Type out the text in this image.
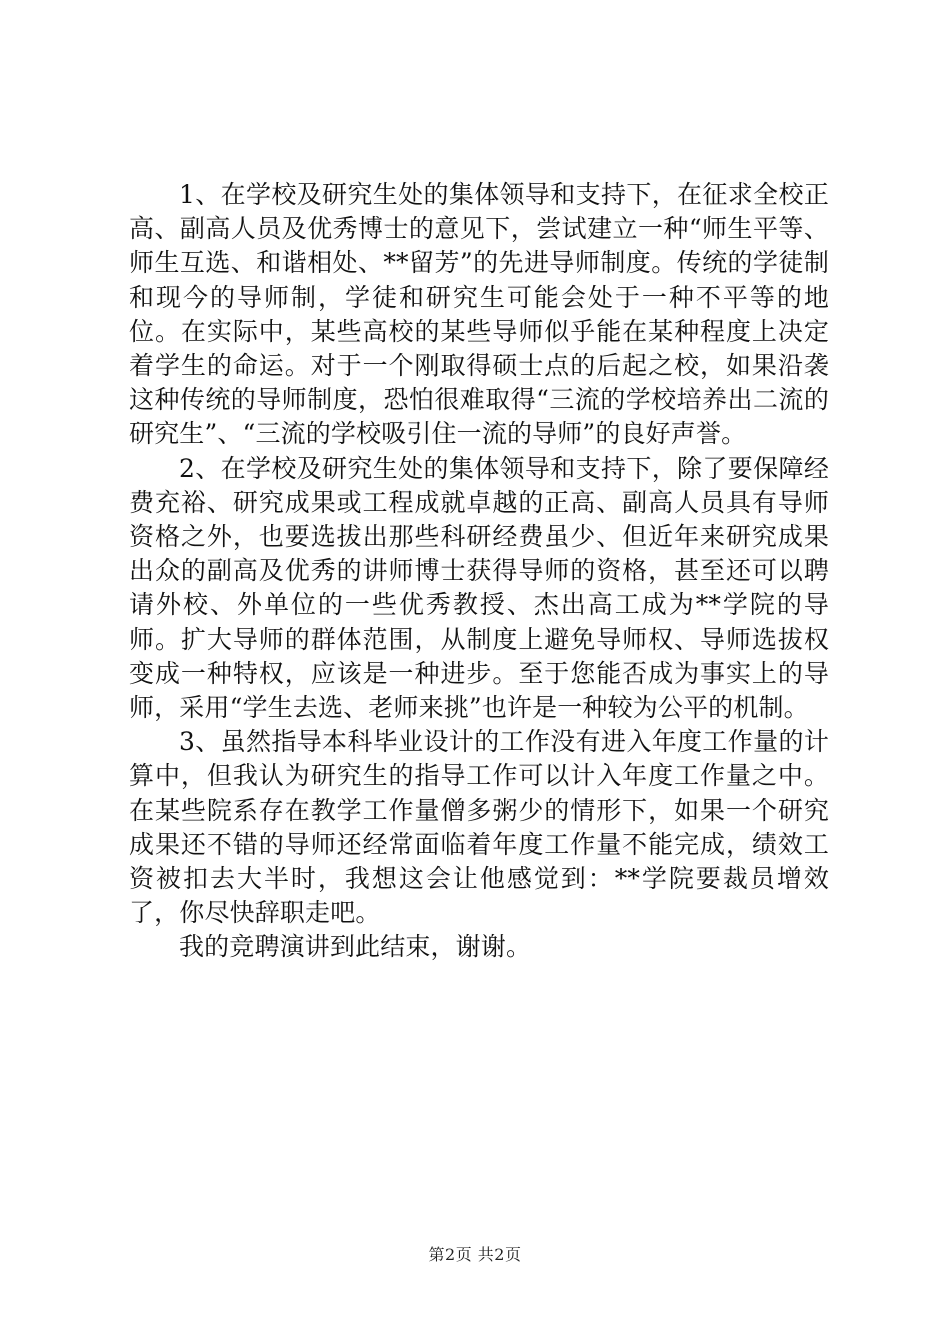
1、在学校及研究生处的集体领导和支持下，在征求全校正高、副高人员及优秀博士的意见下，尝试建立一种“师生平等、师生互选、和谐相处、**留芳”的先进导师制度。传统的学徒制和现今的导师制，学徒和研究生可能会处于一种不平等的地位。在实际中，某些高校的某些导师似乎能在某种程度上决定着学生的命运。对于一个刚取得硕士点的后起之校，如果沿袭这种传统的导师制度，恐怕很难取得“三流的学校培养出二流的研究生”、“三流的学校吸引住一流的导师”的良好声誉。

2、在学校及研究生处的集体领导和支持下，除了要保障经费充裕、研究成果或工程成就卓越的正高、副高人员具有导师资格之外，也要选拔出那些科研经费虽少、但近年来研究成果出众的副高及优秀的讲师博士获得导师的资格，甚至还可以聘请外校、外单位的一些优秀教授、杰出高工成为**学院的导师。扩大导师的群体范围，从制度上避免导师权、导师选拔权变成一种特权，应该是一种进步。至于您能否成为事实上的导师，采用“学生去选、老师来挑”也许是一种较为公平的机制。

3、虽然指导本科毕业设计的工作没有进入年度工作量的计算中，但我认为研究生的指导工作可以计入年度工作量之中。在某些院系存在教学工作量僧多粥少的情形下，如果一个研究成果还不错的导师还经常面临着年度工作量不能完成，绩效工资被扣去大半时，我想这会让他感觉到：**学院要裁员增效了，你尽快辞职走吧。

我的竞聘演讲到此结束，谢谢。

第2页 共2页
